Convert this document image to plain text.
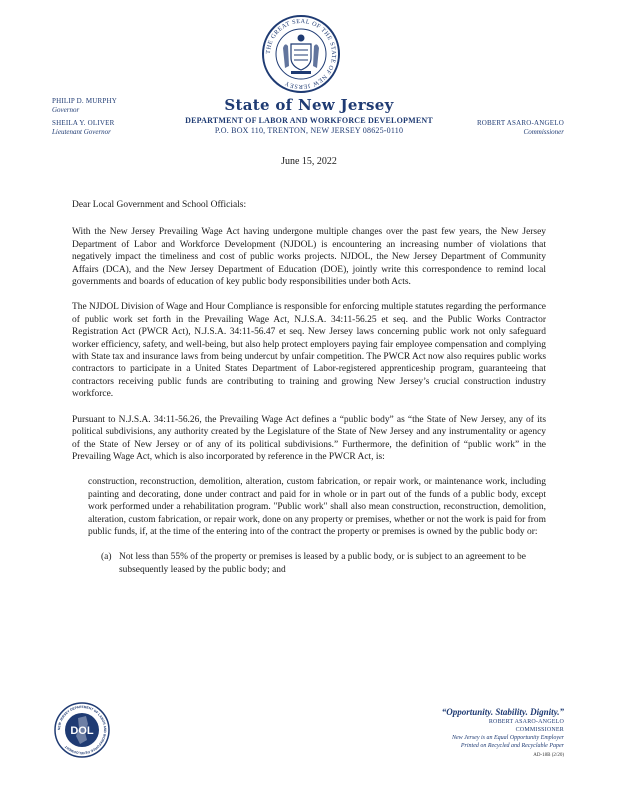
THE GREAT SEAL OF THE STATE OF NEW JERSEY
PHILIP D. MURPHY
Governor
SHEILA Y. OLIVER
Lieutenant Governor
ROBERT ASARO-ANGELO
Commissioner
State of New Jersey
DEPARTMENT OF LABOR AND WORKFORCE DEVELOPMENT
P.O. BOX 110, TRENTON, NEW JERSEY 08625-0110
June 15, 2022

Dear Local Government and School Officials:

With the New Jersey Prevailing Wage Act having undergone multiple changes over the past few years, the New Jersey Department of Labor and Workforce Development (NJDOL) is encountering an increasing number of violations that negatively impact the timeliness and cost of public works projects. NJDOL, the New Jersey Department of Community Affairs (DCA), and the New Jersey Department of Education (DOE), jointly write this correspondence to remind local governments and boards of education of key public body responsibilities under both Acts.

The NJDOL Division of Wage and Hour Compliance is responsible for enforcing multiple statutes regarding the performance of public work set forth in the Prevailing Wage Act, N.J.S.A. 34:11-56.25 et seq. and the Public Works Contractor Registration Act (PWCR Act), N.J.S.A. 34:11-56.47 et seq. New Jersey laws concerning public work not only safeguard worker efficiency, safety, and well-being, but also help protect employers paying fair employee compensation and complying with State tax and insurance laws from being undercut by unfair competition. The PWCR Act now also requires public works contractors to participate in a United States Department of Labor-registered apprenticeship program, guaranteeing that contractors receiving public funds are contributing to training and growing New Jersey’s crucial construction industry workforce.

Pursuant to N.J.S.A. 34:11-56.26, the Prevailing Wage Act defines a “public body” as “the State of New Jersey, any of its political subdivisions, any authority created by the Legislature of the State of New Jersey and any instrumentality or agency of the State of New Jersey or of any of its political subdivisions.” Furthermore, the definition of “public work” in the Prevailing Wage Act, which is also incorporated by reference in the PWCR Act, is:

construction, reconstruction, demolition, alteration, custom fabrication, or repair work, or maintenance work, including painting and decorating, done under contract and paid for in whole or in part out of the funds of a public body, except work performed under a rehabilitation program. "Public work" shall also mean construction, reconstruction, demolition, alteration, custom fabrication, or repair work, done on any property or premises, whether or not the work is paid for from public funds, if, at the time of the entering into of the contract the property or premises is owned by the public body or:

(a) Not less than 55% of the property or premises is leased by a public body, or is subject to an agreement to be subsequently leased by the public body; and
NEW JERSEY DEPARTMENT OF LABOR AND WORKFORCE DEVELOPMENT
DOL
“Opportunity. Stability. Dignity.”
ROBERT ASARO-ANGELO
COMMISSIONER
New Jersey is an Equal Opportunity Employer
Printed on Recycled and Recyclable Paper
AD-18B (2/20)
